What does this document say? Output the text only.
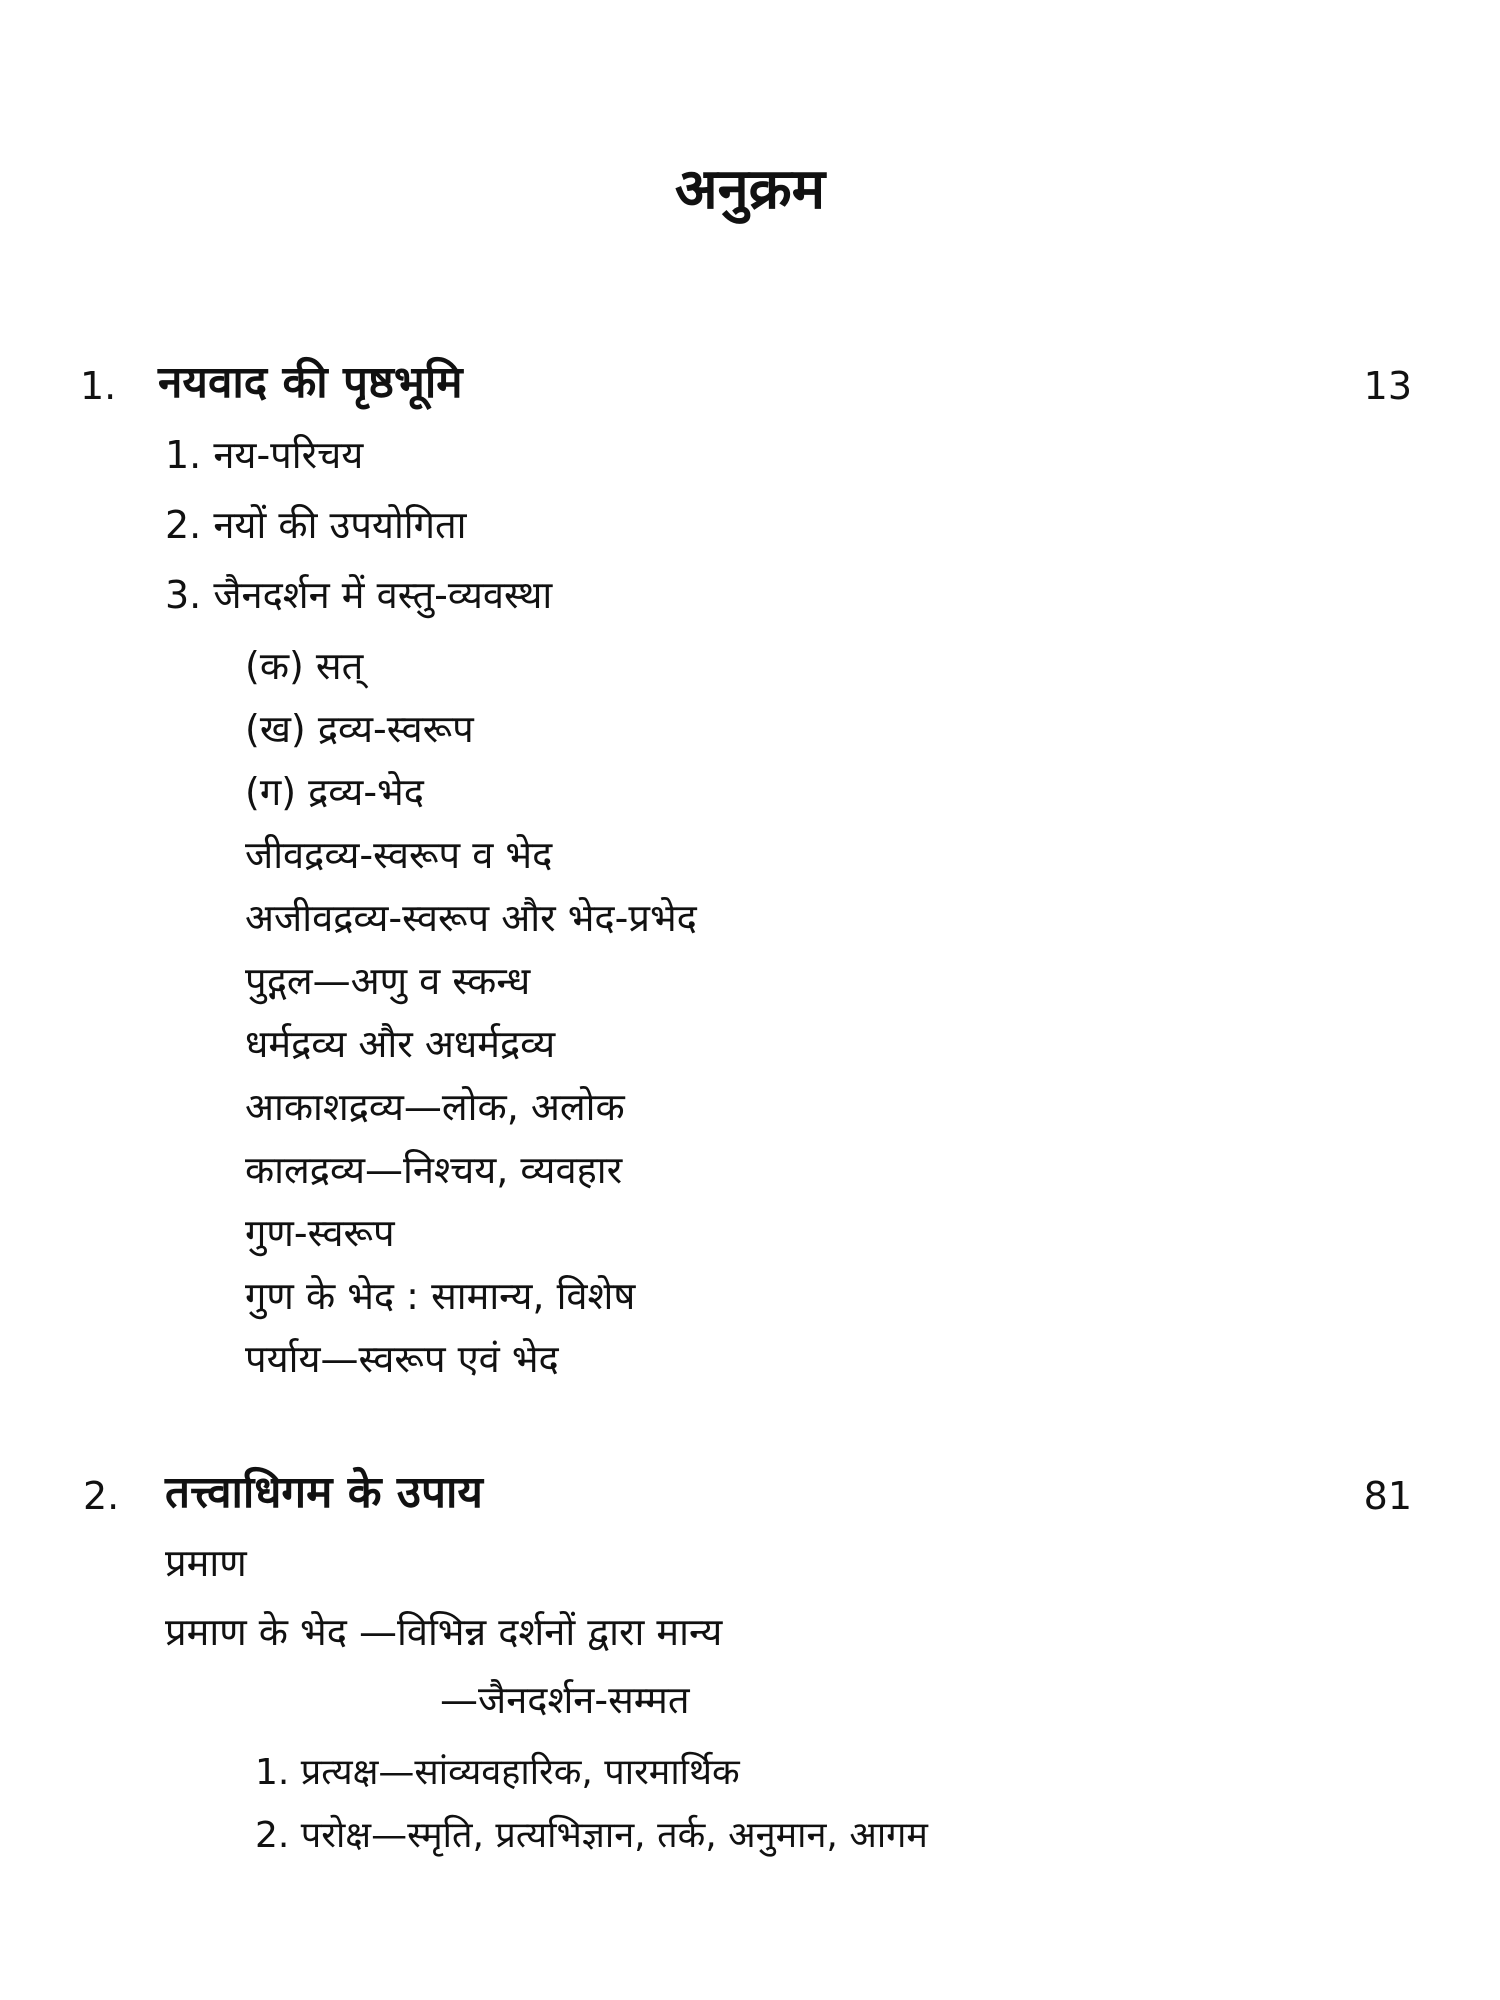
अनुक्रम
1. नयवाद की पृष्ठभूमि	13
1. नय-परिचय
2. नयों की उपयोगिता
3. जैनदर्शन में वस्तु-व्यवस्था
(क) सत्
(ख) द्रव्य-स्वरूप
(ग) द्रव्य-भेद
जीवद्रव्य-स्वरूप व भेद
अजीवद्रव्य-स्वरूप और भेद-प्रभेद
पुद्गल—अणु व स्कन्ध
धर्मद्रव्य और अधर्मद्रव्य
आकाशद्रव्य—लोक, अलोक
कालद्रव्य—निश्चय, व्यवहार
गुण-स्वरूप
गुण के भेद : सामान्य, विशेष
पर्याय—स्वरूप एवं भेद
2. तत्त्वाधिगम के उपाय	81
प्रमाण
प्रमाण के भेद —विभिन्न दर्शनों द्वारा मान्य
—जैनदर्शन-सम्मत
1. प्रत्यक्ष—सांव्यवहारिक, पारमार्थिक
2. परोक्ष—स्मृति, प्रत्यभिज्ञान, तर्क, अनुमान, आगम
